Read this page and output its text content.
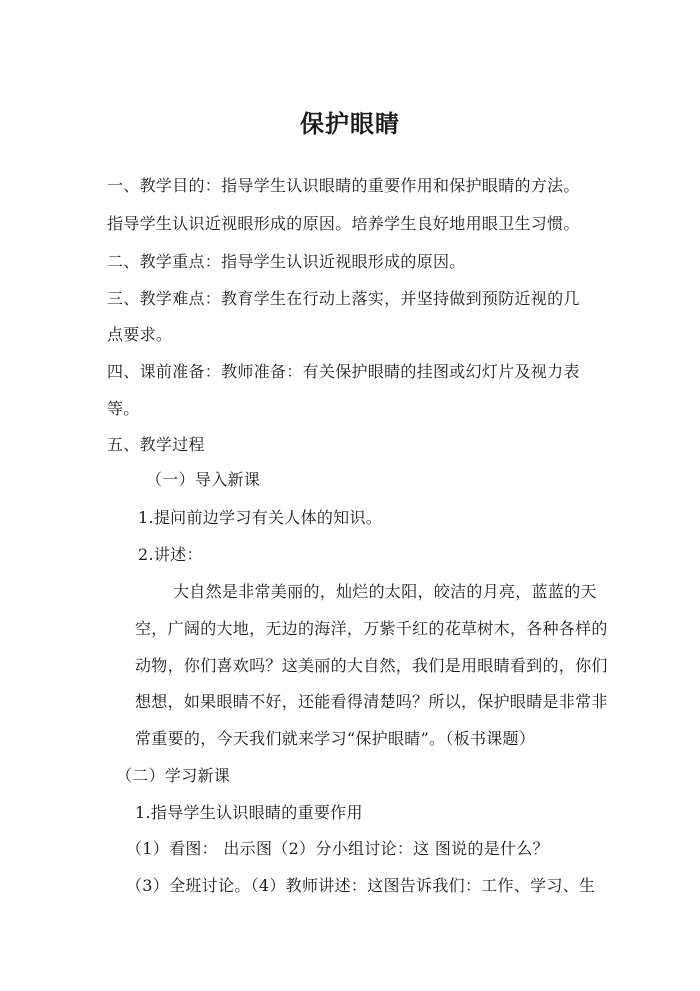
保护眼睛
一、教学目的：指导学生认识眼睛的重要作用和保护眼睛的方法。
指导学生认识近视眼形成的原因。培养学生良好地用眼卫生习惯。
二、教学重点：指导学生认识近视眼形成的原因。
三、教学难点：教育学生在行动上落实，并坚持做到预防近视的几
点要求。
四、课前准备：教师准备：有关保护眼睛的挂图或幻灯片及视力表
等。
五、教学过程
（一）导入新课
1.提问前边学习有关人体的知识。
2.讲述：
大自然是非常美丽的，灿烂的太阳，皎洁的月亮，蓝蓝的天
空，广阔的大地，无边的海洋，万紫千红的花草树木，各种各样的
动物，你们喜欢吗？这美丽的大自然，我们是用眼睛看到的，你们
想想，如果眼睛不好，还能看得清楚吗？所以，保护眼睛是非常非
常重要的，今天我们就来学习“保护眼睛”。（板书课题）
（二）学习新课
1.指导学生认识眼睛的重要作用
（1）看图： 出示图（2）分小组讨论：这 图说的是什么？
（3）全班讨论。（4）教师讲述：这图告诉我们：工作、学习、生
